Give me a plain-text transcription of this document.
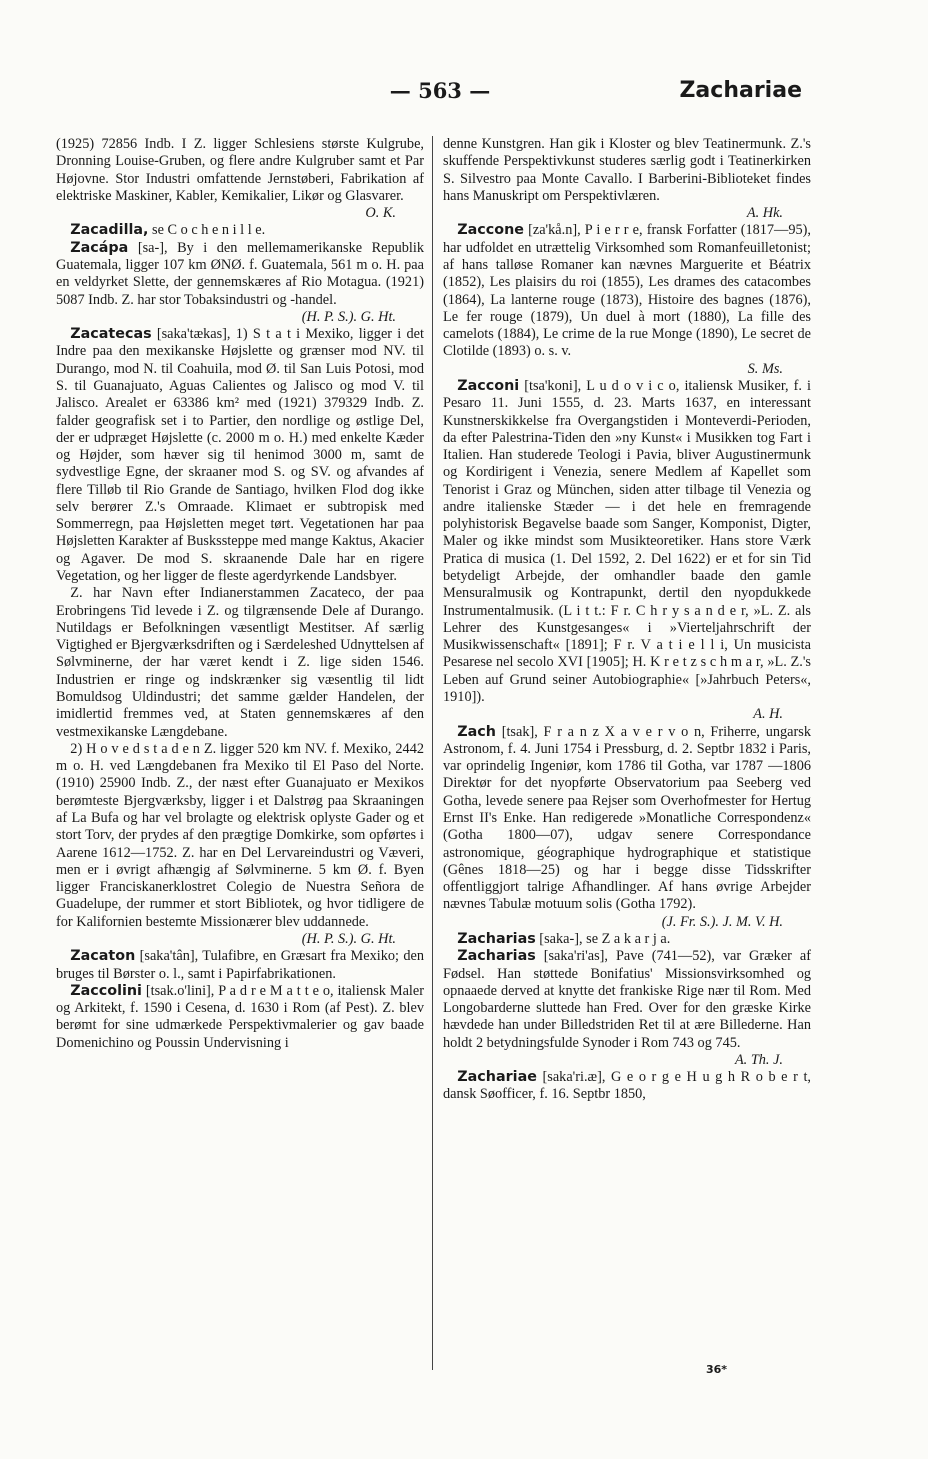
— 563 —	Zachariae

(1925) 72856 Indb. I Z. ligger Schlesiens største Kulgrube, Dronning Louise-Gruben, og flere andre Kulgruber samt et Par Højovne. Stor Industri omfattende Jernstøberi, Fabrikation af elektriske Maskiner, Kabler, Kemikalier, Likør og Glasvarer.
O. K.

 Zacadilla, se C o c h e n i l l e.

 Zacápa [sa-], By i den mellemamerikanske Republik Guatemala, ligger 107 km ØNØ. f. Guatemala, 561 m o. H. paa en veldyrket Slette, der gennemskæres af Rio Motagua. (1921) 5087 Indb. Z. har stor Tobaksindustri og -handel.
(H. P. S.). G. Ht.

 Zacatecas [saka'tækas], 1) S t a t i Mexiko, ligger i det Indre paa den mexikanske Højslette og grænser mod NV. til Durango, mod N. til Coahuila, mod Ø. til San Luis Potosi, mod S. til Guanajuato, Aguas Calientes og Jalisco og mod V. til Jalisco. Arealet er 63386 km² med (1921) 379329 Indb. Z. falder geografisk set i to Partier, den nordlige og østlige Del, der er udpræget Højslette (c. 2000 m o. H.) med enkelte Kæder og Højder, som hæver sig til henimod 3000 m, samt de sydvestlige Egne, der skraaner mod S. og SV. og afvandes af flere Tilløb til Rio Grande de Santiago, hvilken Flod dog ikke selv berører Z.'s Omraade. Klimaet er subtropisk med Sommerregn, paa Højsletten meget tørt. Vegetationen har paa Højsletten Karakter af Buskssteppe med mange Kaktus, Akacier og Agaver. De mod S. skraanende Dale har en rigere Vegetation, og her ligger de fleste agerdyrkende Landsbyer.

 Z. har Navn efter Indianerstammen Zacateco, der paa Erobringens Tid levede i Z. og tilgrænsende Dele af Durango. Nutildags er Befolkningen væsentligt Mestitser. Af særlig Vigtighed er Bjergværksdriften og i Særdeleshed Udnyttelsen af Sølvminerne, der har været kendt i Z. lige siden 1546. Industrien er ringe og indskrænker sig væsentlig til lidt Bomuldsog Uldindustri; det samme gælder Handelen, der imidlertid fremmes ved, at Staten gennemskæres af den vestmexikanske Længdebane.

 2) H o v e d s t a d e n Z. ligger 520 km NV. f. Mexiko, 2442 m o. H. ved Længdebanen fra Mexiko til El Paso del Norte. (1910) 25900 Indb. Z., der næst efter Guanajuato er Mexikos berømteste Bjergværksby, ligger i et Dalstrøg paa Skraaningen af La Bufa og har vel brolagte og elektrisk oplyste Gader og et stort Torv, der prydes af den prægtige Domkirke, som opførtes i Aarene 1612—1752. Z. har en Del Lervareindustri og Væveri, men er i øvrigt afhængig af Sølvminerne. 5 km Ø. f. Byen ligger Franciskanerklostret Colegio de Nuestra Señora de Guadelupe, der rummer et stort Bibliotek, og hvor tidligere de for Kalifornien bestemte Missionærer blev uddannede.
(H. P. S.). G. Ht.

 Zacaton [saka'tân], Tulafibre, en Græsart fra Mexiko; den bruges til Børster o. l., samt i Papirfabrikationen.

 Zaccolini [tsak.o'lini], P a d r e M a t t e o, italiensk Maler og Arkitekt, f. 1590 i Cesena, d. 1630 i Rom (af Pest). Z. blev berømt for sine udmærkede Perspektivmalerier og gav baade Domenichino og Poussin Undervisning i

denne Kunstgren. Han gik i Kloster og blev Teatinermunk. Z.'s skuffende Perspektivkunst studeres særlig godt i Teatinerkirken S. Silvestro paa Monte Cavallo. I Barberini-Biblioteket findes hans Manuskript om Perspektivlæren.
A. Hk.

 Zaccone [za'kå.n], P i e r r e, fransk Forfatter (1817—95), har udfoldet en utrættelig Virksomhed som Romanfeuilletonist; af hans talløse Romaner kan nævnes Marguerite et Béatrix (1852), Les plaisirs du roi (1855), Les drames des catacombes (1864), La lanterne rouge (1873), Histoire des bagnes (1876), Le fer rouge (1879), Un duel à mort (1880), La fille des camelots (1884), Le crime de la rue Monge (1890), Le secret de Clotilde (1893) o. s. v.
S. Ms.

 Zacconi [tsa'koni], L u d o v i c o, italiensk Musiker, f. i Pesaro 11. Juni 1555, d. 23. Marts 1637, en interessant Kunstnerskikkelse fra Overgangstiden i Monteverdi-Perioden, da efter Palestrina-Tiden den »ny Kunst« i Musikken tog Fart i Italien. Han studerede Teologi i Pavia, bliver Augustinermunk og Kordirigent i Venezia, senere Medlem af Kapellet som Tenorist i Graz og München, siden atter tilbage til Venezia og andre italienske Stæder — i det hele en fremragende polyhistorisk Begavelse baade som Sanger, Komponist, Digter, Maler og ikke mindst som Musikteoretiker. Hans store Værk Pratica di musica (1. Del 1592, 2. Del 1622) er et for sin Tid betydeligt Arbejde, der omhandler baade den gamle Mensuralmusik og Kontrapunkt, dertil den nyopdukkede Instrumentalmusik. (L i t t.: F r. C h r y s a n d e r, »L. Z. als Lehrer des Kunstgesanges« i »Vierteljahrschrift der Musikwissenschaft« [1891]; F r. V a t i e l l i, Un musicista Pesarese nel secolo XVI [1905]; H. K r e t z s c h m a r, »L. Z.'s Leben auf Grund seiner Autobiographie« [»Jahrbuch Peters«, 1910]).
A. H.

 Zach [tsak], F r a n z X a v e r v o n, Friherre, ungarsk Astronom, f. 4. Juni 1754 i Pressburg, d. 2. Septbr 1832 i Paris, var oprindelig Ingeniør, kom 1786 til Gotha, var 1787 —1806 Direktør for det nyopførte Observatorium paa Seeberg ved Gotha, levede senere paa Rejser som Overhofmester for Hertug Ernst II's Enke. Han redigerede »Monatliche Correspondenz« (Gotha 1800—07), udgav senere Correspondance astronomique, géographique hydrographique et statistique (Gênes 1818—25) og har i begge disse Tidsskrifter offentliggjort talrige Afhandlinger. Af hans øvrige Arbejder nævnes Tabulæ motuum solis (Gotha 1792).
(J. Fr. S.). J. M. V. H.

 Zacharias [saka-], se Z a k a r j a.

 Zacharias [saka'ri'as], Pave (741—52), var Græker af Fødsel. Han støttede Bonifatius' Missionsvirksomhed og opnaaede derved at knytte det frankiske Rige nær til Rom. Med Longobarderne sluttede han Fred. Over for den græske Kirke hævdede han under Billedstriden Ret til at ære Billederne. Han holdt 2 betydningsfulde Synoder i Rom 743 og 745.
A. Th. J.

 Zachariae [saka'ri.æ], G e o r g e H u g h R o b e r t, dansk Søofficer, f. 16. Septbr 1850,

36*
